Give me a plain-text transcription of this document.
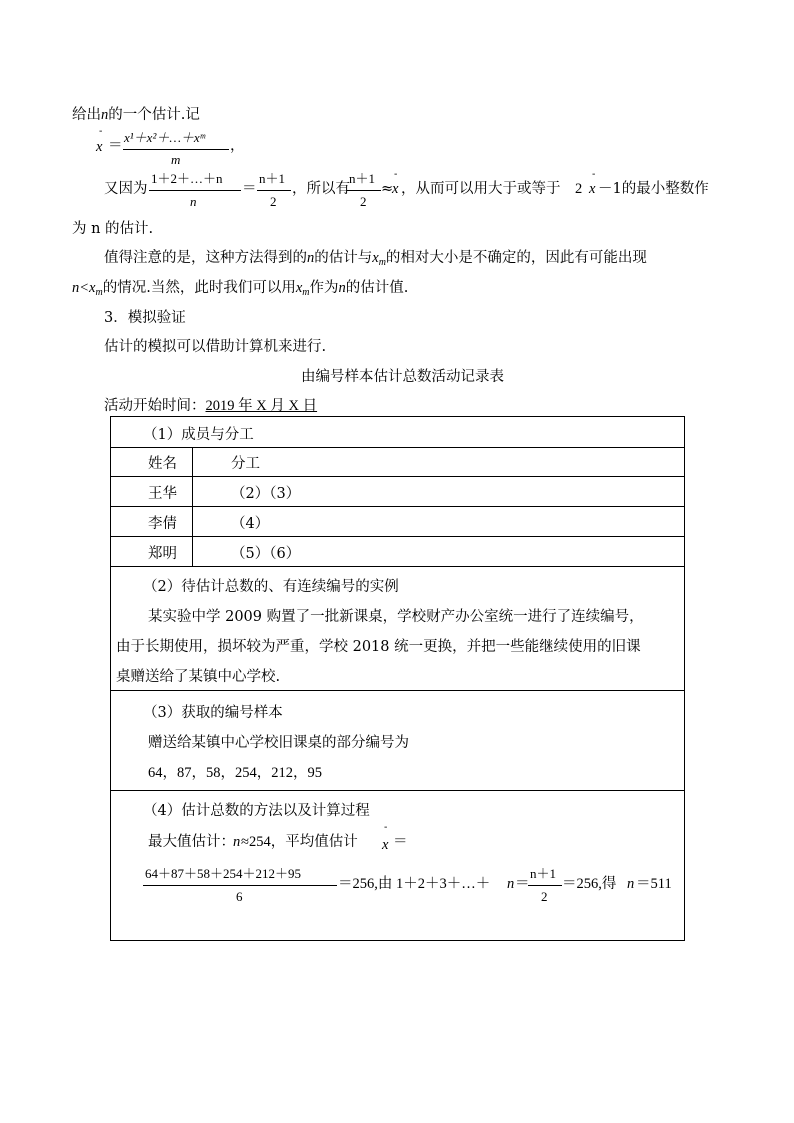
给出n的一个估计.记
-
x ＝
x¹＋x²＋…＋xᵐ
m
，
又因为
1＋2＋…＋n
n
＝
n＋1
2
，所以有
n＋1
2
≈
-
x ，从而可以用大于或等于 2
-
x －1的最小整数作
为 n 的估计.
值得注意的是，这种方法得到的n的估计与$x_m$的相对大小是不确定的，因此有可能出现
$n<x_m$的情况.当然，此时我们可以用$x_m$作为n的估计值.
3．模拟验证
估计的模拟可以借助计算机来进行.
由编号样本估计总数活动记录表
活动开始时间：2019 年 X 月 X 日
（1）成员与分工
姓名	分工
王华	（2）（3）
李倩	（4）
郑明	（5）（6）
（2）待估计总数的、有连续编号的实例
某实验中学 2009 购置了一批新课桌，学校财产办公室统一进行了连续编号，
由于长期使用，损坏较为严重，学校 2018 统一更换，并把一些能继续使用的旧课
桌赠送给了某镇中心学校.
（3）获取的编号样本
赠送给某镇中心学校旧课桌的部分编号为
64，87，58，254，212，95
（4）估计总数的方法以及计算过程
最大值估计：
n ≈254，平均值估计
-
x ＝
64＋87＋58＋254＋212＋95
6
＝256,由 1＋2＋3＋…＋ n ＝
n＋1
2
＝256,得 n ＝511
